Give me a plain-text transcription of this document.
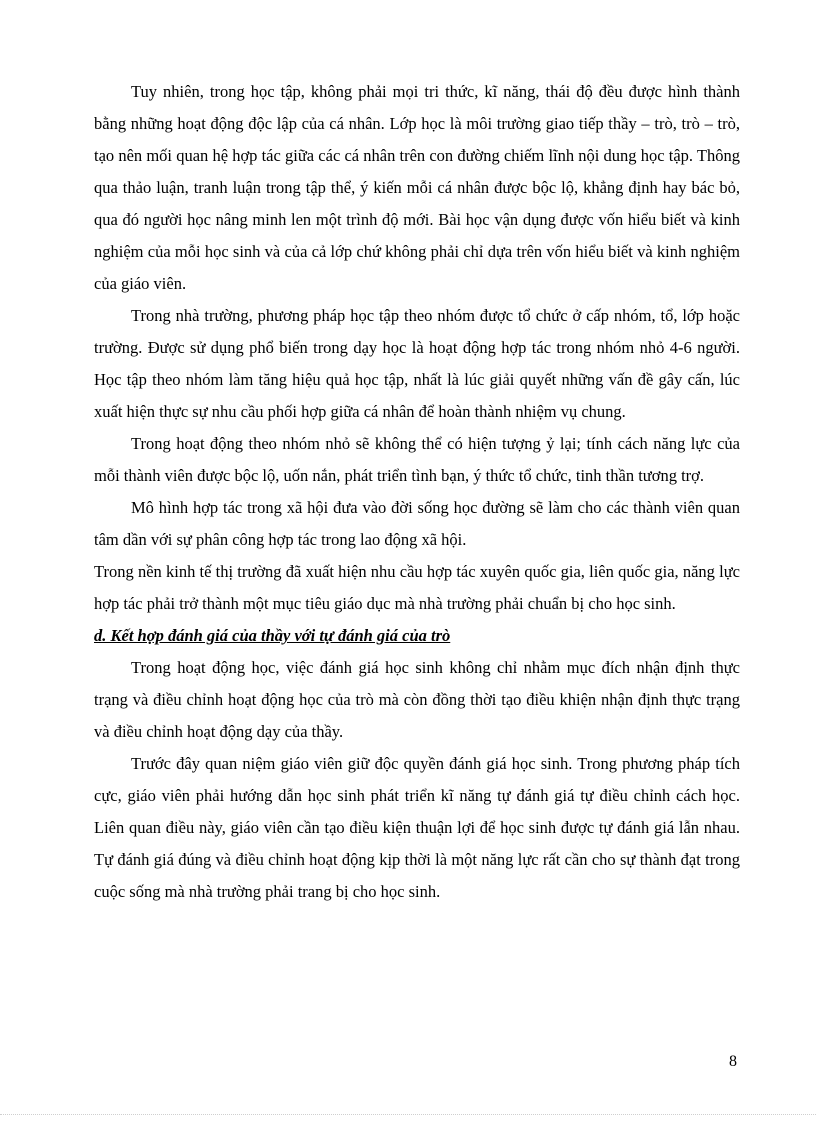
Tuy nhiên, trong học tập, không phải mọi tri thức, kĩ năng, thái độ đều được hình thành bằng những hoạt động độc lập của cá nhân. Lớp học là môi trường giao tiếp thầy – trò, trò – trò, tạo nên mối quan hệ hợp tác giữa các cá nhân trên con đường chiếm lĩnh nội dung học tập. Thông qua thảo luận, tranh luận trong tập thể, ý kiến mỗi cá nhân được bộc lộ, khẳng định hay bác bỏ, qua đó người học nâng minh len một trình độ mới. Bài học vận dụng được vốn hiểu biết và kinh nghiệm của mỗi học sinh và của cả lớp chứ không phải chỉ dựa trên vốn hiểu biết và kinh nghiệm của giáo viên.

Trong nhà trường, phương pháp học tập theo nhóm được tổ chức ở cấp nhóm, tổ, lớp hoặc trường. Được sử dụng phổ biến trong dạy học là hoạt động hợp tác trong nhóm nhỏ 4-6 người. Học tập theo nhóm làm tăng hiệu quả học tập, nhất là lúc giải quyết những vấn đề gây cấn, lúc xuất hiện thực sự nhu cầu phối hợp giữa cá nhân để hoàn thành nhiệm vụ chung.

Trong hoạt động theo nhóm nhỏ sẽ không thể có hiện tượng ỷ lại; tính cách năng lực của mỗi thành viên được bộc lộ, uốn nắn, phát triển tình bạn, ý thức tổ chức, tinh thần tương trợ.

Mô hình hợp tác trong xã hội đưa vào đời sống học đường sẽ làm cho các thành viên quan tâm dần với sự phân công hợp tác trong lao động xã hội.

Trong nền kinh tế thị trường đã xuất hiện nhu cầu hợp tác xuyên quốc gia, liên quốc gia, năng lực hợp tác phải trở thành một mục tiêu giáo dục mà nhà trường phải chuẩn bị cho học sinh.

d. Kết hợp đánh giá của thầy với tự đánh giá của trò

Trong hoạt động học, việc đánh giá học sinh không chỉ nhằm mục đích nhận định thực trạng và điều chỉnh hoạt động học của trò mà còn đồng thời tạo điều khiện nhận định thực trạng và điều chỉnh hoạt động dạy của thầy.

Trước đây quan niệm giáo viên giữ độc quyền đánh giá học sinh. Trong phương pháp tích cực, giáo viên phải hướng dẫn học sinh phát triển kĩ năng tự đánh giá tự điều chỉnh cách học. Liên quan điều này, giáo viên cần tạo điều kiện thuận lợi để học sinh được tự đánh giá lẫn nhau. Tự đánh giá đúng và điều chỉnh hoạt động kịp thời là một năng lực rất cần cho sự thành đạt trong cuộc sống mà nhà trường phải trang bị cho học sinh.

8
